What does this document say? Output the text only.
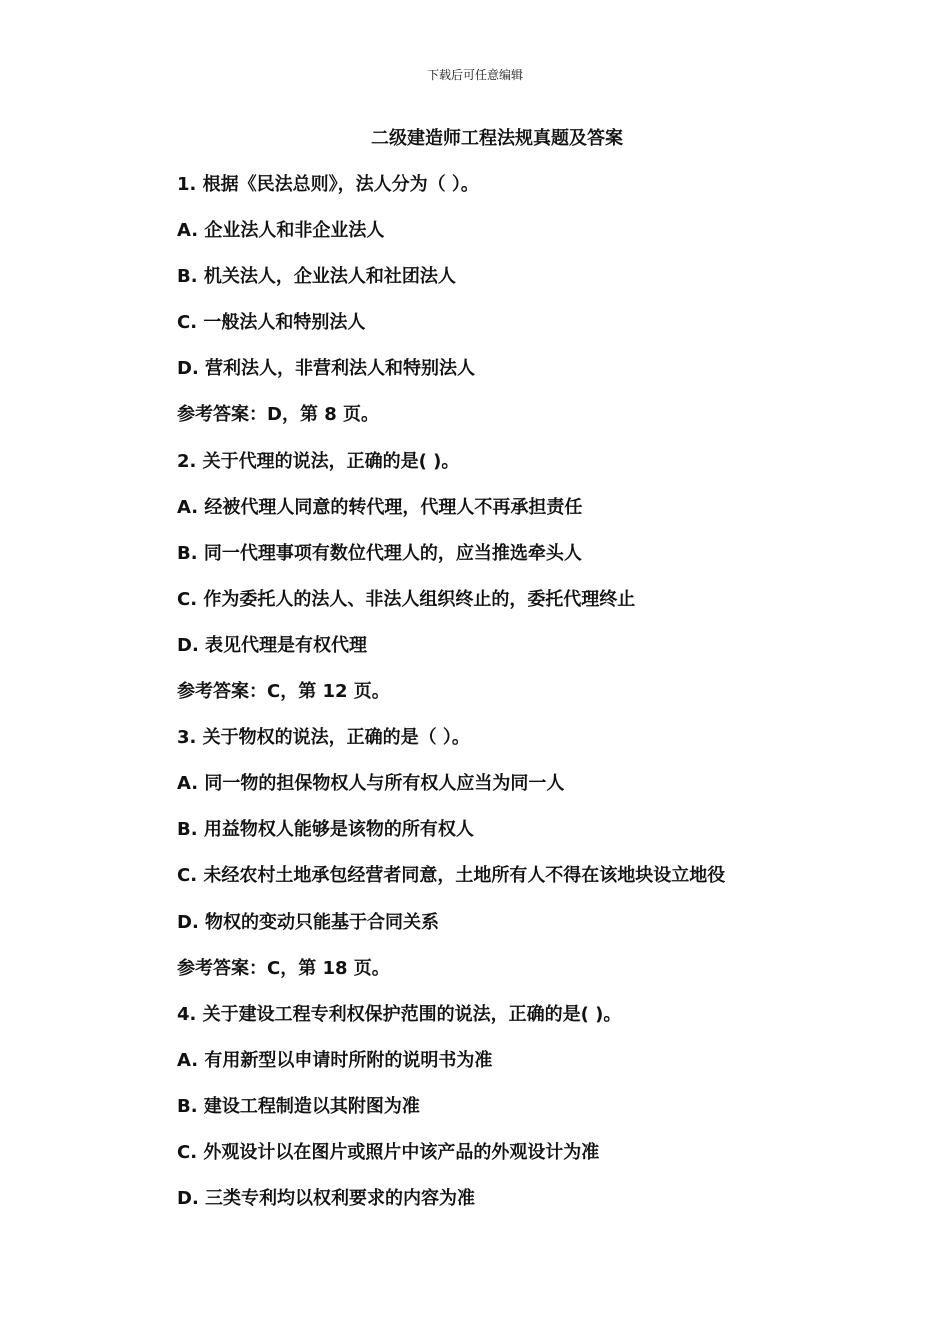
下载后可任意编辑
二级建造师工程法规真题及答案
1. 根据《民法总则》，法人分为（ ）。
A. 企业法人和非企业法人
B. 机关法人，企业法人和社团法人
C. 一般法人和特别法人
D. 营利法人，非营利法人和特别法人
参考答案：D，第 8 页。
2. 关于代理的说法，正确的是( )。
A. 经被代理人同意的转代理，代理人不再承担责任
B. 同一代理事项有数位代理人的，应当推选牵头人
C. 作为委托人的法人、非法人组织终止的，委托代理终止
D. 表见代理是有权代理
参考答案：C，第 12 页。
3. 关于物权的说法，正确的是（ ）。
A. 同一物的担保物权人与所有权人应当为同一人
B. 用益物权人能够是该物的所有权人
C. 未经农村土地承包经营者同意，土地所有人不得在该地块设立地役
D. 物权的变动只能基于合同关系
参考答案：C，第 18 页。
4. 关于建设工程专利权保护范围的说法，正确的是( )。
A. 有用新型以申请时所附的说明书为准
B. 建设工程制造以其附图为准
C. 外观设计以在图片或照片中该产品的外观设计为准
D. 三类专利均以权利要求的内容为准
